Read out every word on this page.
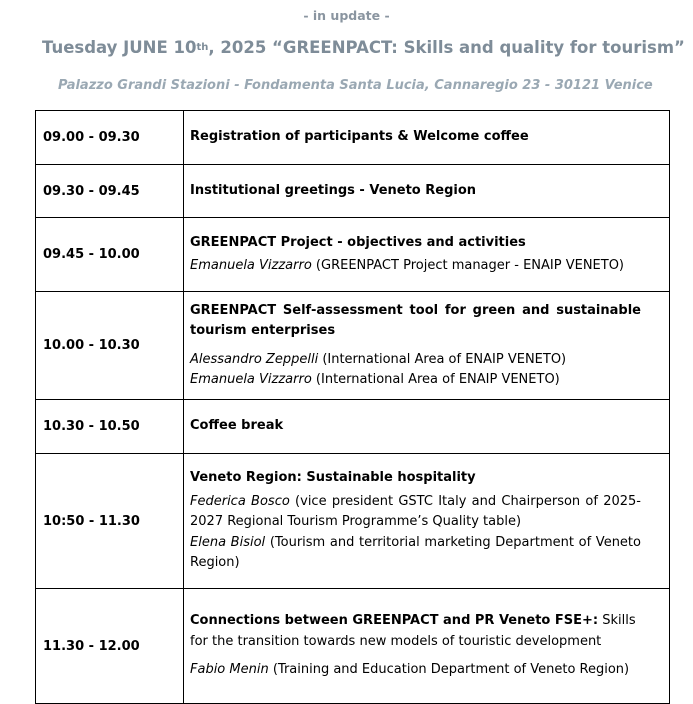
- in update -
Tuesday JUNE 10th, 2025 “GREENPACT: Skills and quality for tourism”
Palazzo Grandi Stazioni - Fondamenta Santa Lucia, Cannaregio 23 - 30121 Venice
09.00 - 09.30	Registration of participants & Welcome coffee

09.30 - 09.45	Institutional greetings - Veneto Region

09.45 - 10.00	GREENPACT Project - objectives and activities
Emanuela Vizzarro (GREENPACT Project manager - ENAIP VENETO)

10.00 - 10.30	GREENPACT Self-assessment tool for green and sustainable tourism enterprises
Alessandro Zeppelli (International Area of ENAIP VENETO)
Emanuela Vizzarro (International Area of ENAIP VENETO)

10.30 - 10.50	Coffee break

10:50 - 11.30	Veneto Region: Sustainable hospitality
Federica Bosco (vice president GSTC Italy and Chairperson of 2025-2027 Regional Tourism Programme’s Quality table)
Elena Bisiol (Tourism and territorial marketing Department of Veneto Region)

11.30 - 12.00	Connections between GREENPACT and PR Veneto FSE+: Skills for the transition towards new models of touristic development
Fabio Menin (Training and Education Department of Veneto Region)
